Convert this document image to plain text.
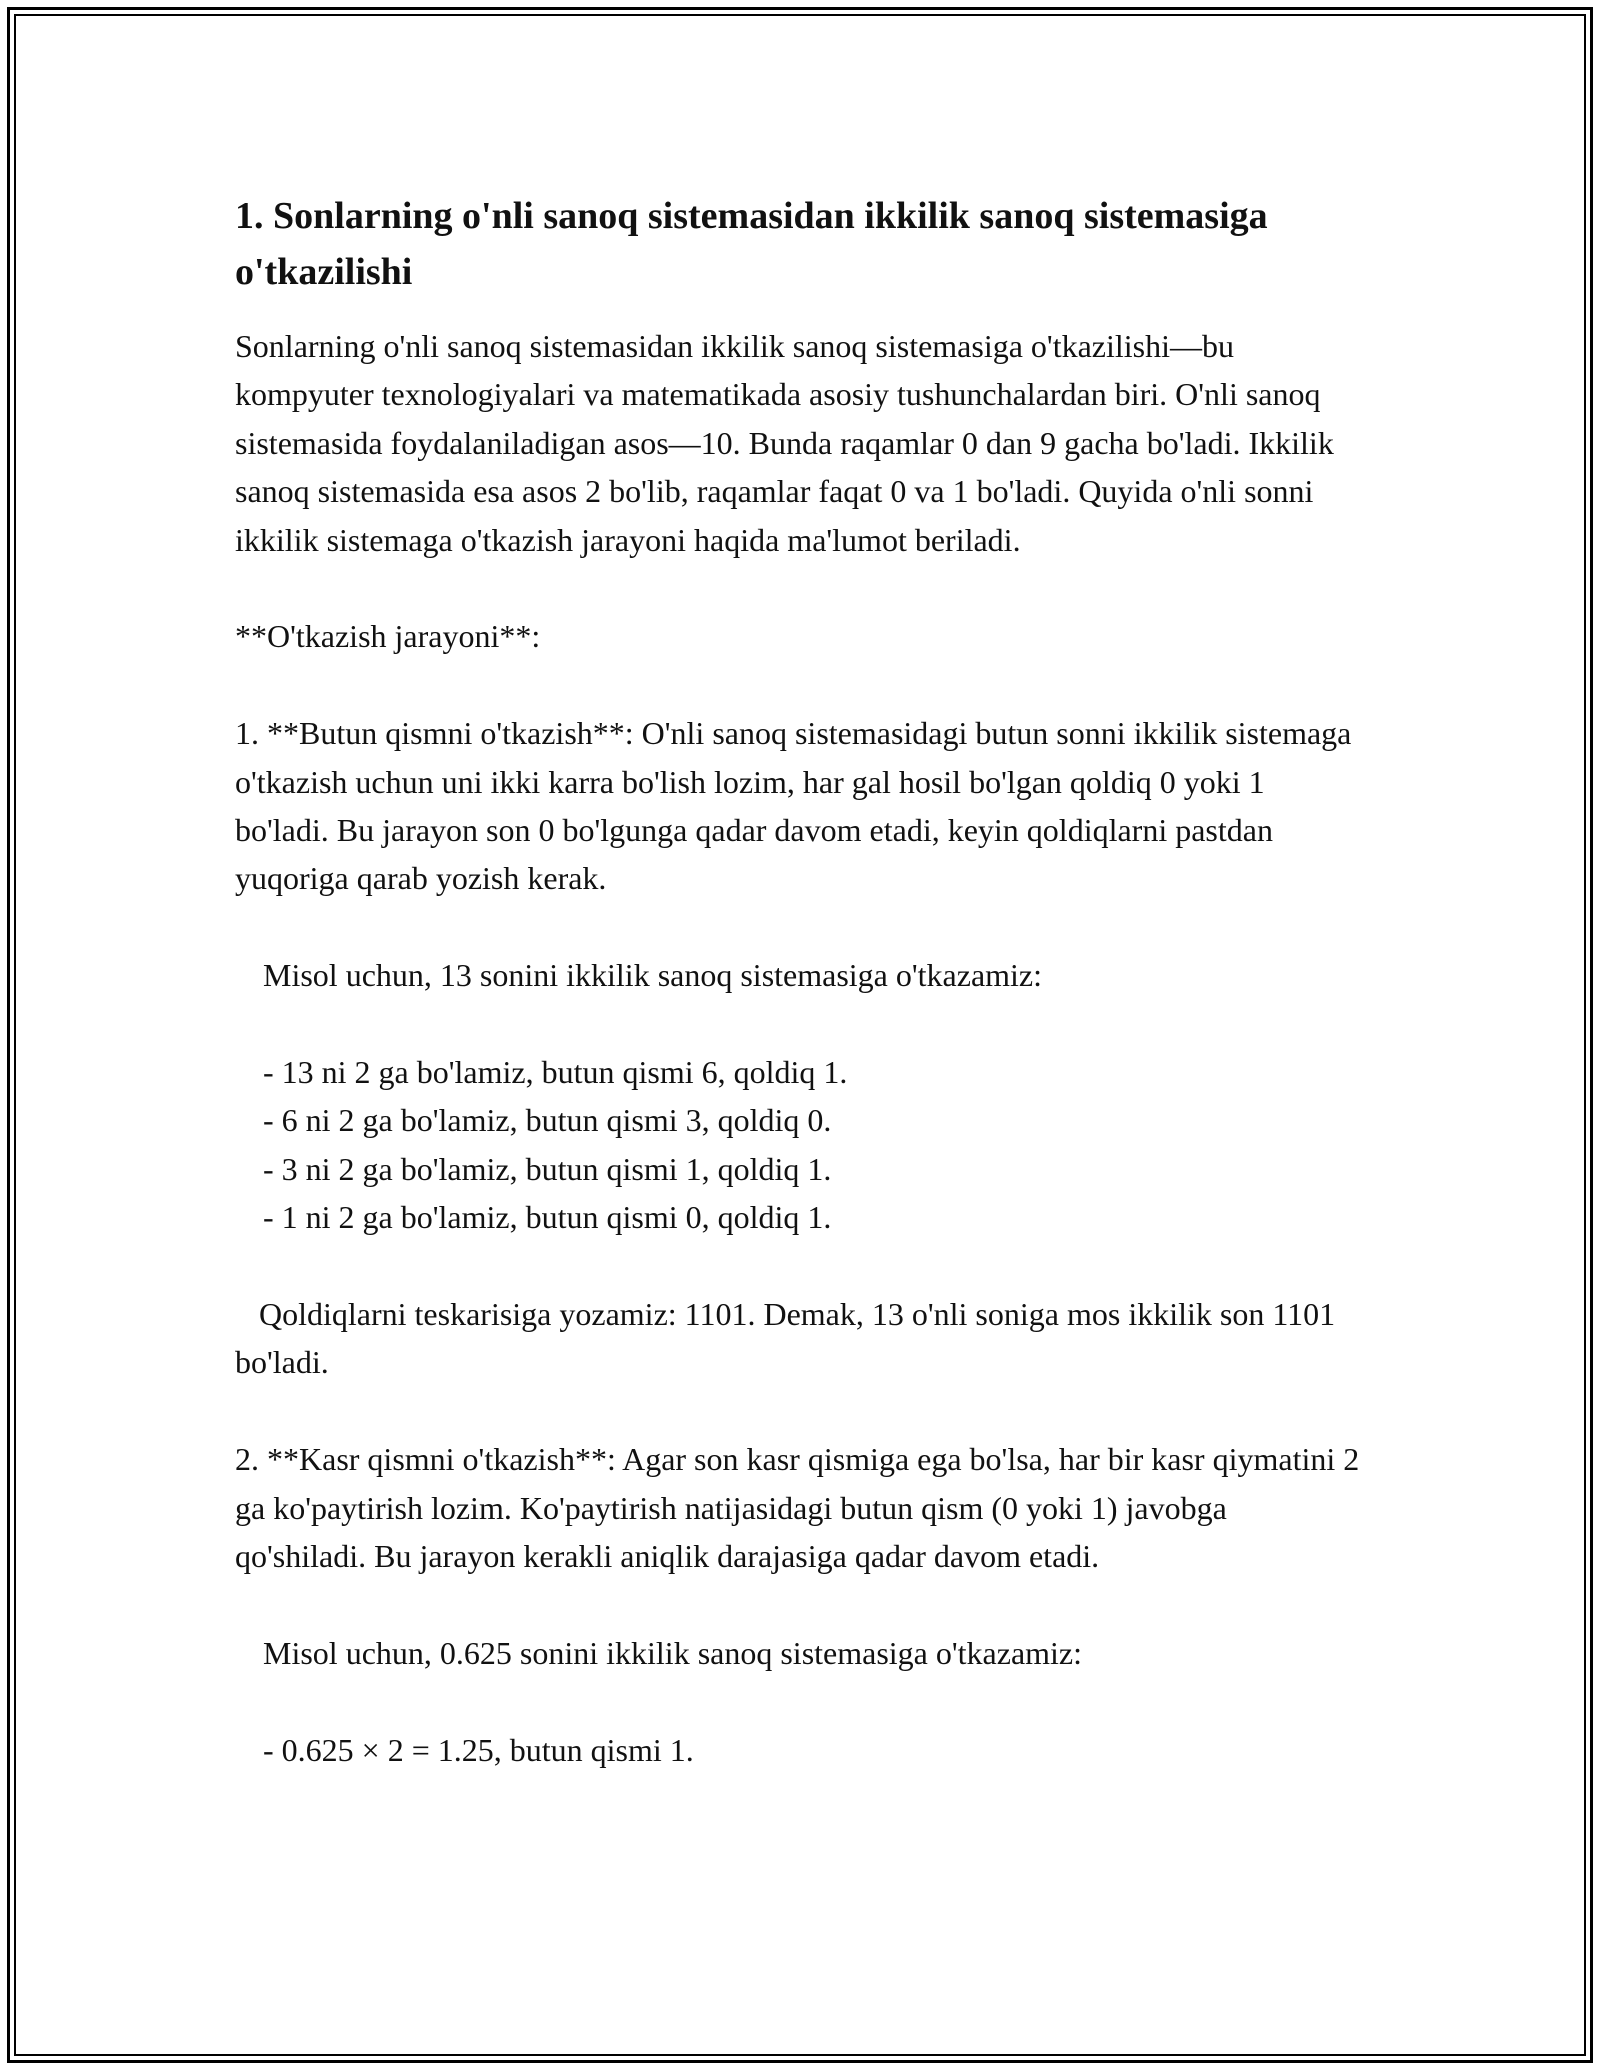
1. Sonlarning o'nli sanoq sistemasidan ikkilik sanoq sistemasiga o'tkazilishi

Sonlarning o'nli sanoq sistemasidan ikkilik sanoq sistemasiga o'tkazilishi—bu kompyuter texnologiyalari va matematikada asosiy tushunchalardan biri. O'nli sanoq sistemasida foydalaniladigan asos—10. Bunda raqamlar 0 dan 9 gacha bo'ladi. Ikkilik sanoq sistemasida esa asos 2 bo'lib, raqamlar faqat 0 va 1 bo'ladi. Quyida o'nli sonni ikkilik sistemaga o'tkazish jarayoni haqida ma'lumot beriladi.

**O'tkazish jarayoni**:

1. **Butun qismni o'tkazish**: O'nli sanoq sistemasidagi butun sonni ikkilik sistemaga o'tkazish uchun uni ikki karra bo'lish lozim, har gal hosil bo'lgan qoldiq 0 yoki 1 bo'ladi. Bu jarayon son 0 bo'lgunga qadar davom etadi, keyin qoldiqlarni pastdan yuqoriga qarab yozish kerak.

Misol uchun, 13 sonini ikkilik sanoq sistemasiga o'tkazamiz:

- 13 ni 2 ga bo'lamiz, butun qismi 6, qoldiq 1.

- 6 ni 2 ga bo'lamiz, butun qismi 3, qoldiq 0.

- 3 ni 2 ga bo'lamiz, butun qismi 1, qoldiq 1.

- 1 ni 2 ga bo'lamiz, butun qismi 0, qoldiq 1.

Qoldiqlarni teskarisiga yozamiz: 1101. Demak, 13 o'nli soniga mos ikkilik son 1101 bo'ladi.

2. **Kasr qismni o'tkazish**: Agar son kasr qismiga ega bo'lsa, har bir kasr qiymatini 2 ga ko'paytirish lozim. Ko'paytirish natijasidagi butun qism (0 yoki 1) javobga qo'shiladi. Bu jarayon kerakli aniqlik darajasiga qadar davom etadi.

Misol uchun, 0.625 sonini ikkilik sanoq sistemasiga o'tkazamiz:

- 0.625 × 2 = 1.25, butun qismi 1.
